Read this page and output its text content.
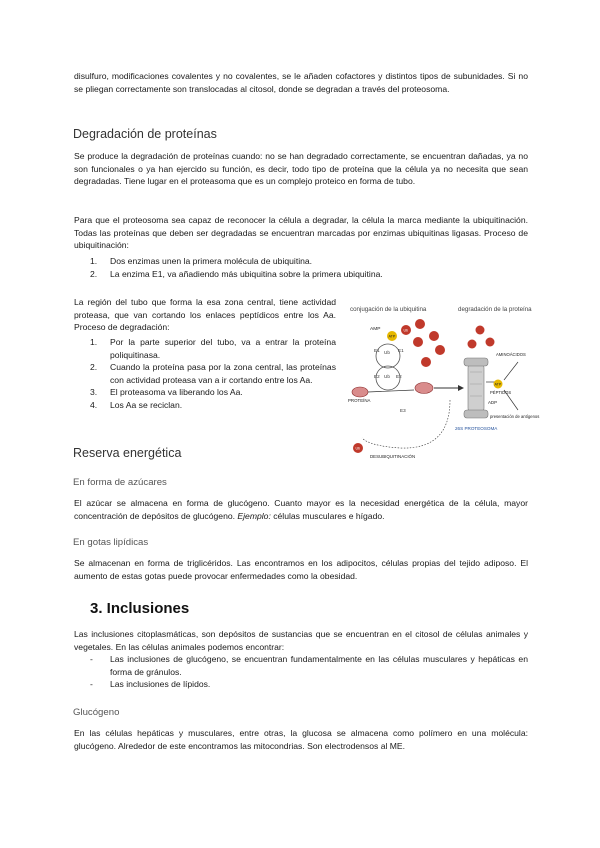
disulfuro, modificaciones covalentes y no covalentes, se le añaden cofactores y distintos tipos de subunidades. Si no se pliegan correctamente son translocadas al citosol, donde se degradan a través del proteosoma.

Degradación de proteínas

Se produce la degradación de proteínas cuando: no se han degradado correctamente, se encuentran dañadas, ya no son funcionales o ya han ejercido su función, es decir, todo tipo de proteína que la célula ya no necesita que sean degradadas. Tiene lugar en el proteasoma que es un complejo proteico en forma de tubo.

Para que el proteosoma sea capaz de reconocer la célula a degradar, la célula la marca mediante la ubiquitinación. Todas las proteínas que deben ser degradadas se encuentran marcadas por enzimas ubiquitinas ligasas. Proceso de ubiquitinación:

1. Dos enzimas unen la primera molécula de ubiquitina.
2. La enzima E1, va añadiendo más ubiquitina sobre la primera ubiquitina.

La región del tubo que forma la esa zona central, tiene actividad proteasa, que van cortando los enlaces peptídicos entre los Aa. Proceso de degradación:

1. Por la parte superior del tubo, va a entrar la proteína poliquitinasa.
2. Cuando la proteína pasa por la zona central, las proteínas con actividad proteasa van a ir cortando entre los Aa.
3. El proteasoma va liberando los Aa.
4. Los Aa se reciclan.
conjugación de la ubiquitina	degradación de la proteína
AMP
ATP
Ub
E1 Ub E1
E2 Ub E2
E3
PROTEÍNA
26S PROTEOSOMA
ATP
ADP
AMINOÁCIDOS
PÉPTIDOS
presentación de antígenos
Ub
DESUBIQUITINACIÓN
Reserva energética
En forma de azúcares

El azúcar se almacena en forma de glucógeno. Cuanto mayor es la necesidad energética de la célula, mayor concentración de depósitos de glucógeno. Ejemplo: células musculares e hígado.

En gotas lipídicas

Se almacenan en forma de triglicéridos. Las encontramos en los adipocitos, células propias del tejido adiposo. El aumento de estas gotas puede provocar enfermedades como la obesidad.

3. Inclusiones

Las inclusiones citoplasmáticas, son depósitos de sustancias que se encuentran en el citosol de células animales y vegetales. En las células animales podemos encontrar:

- Las inclusiones de glucógeno, se encuentran fundamentalmente en las células musculares y hepáticas en forma de gránulos.
- Las inclusiones de lípidos.
Glucógeno

En las células hepáticas y musculares, entre otras, la glucosa se almacena como polímero en una molécula: glucógeno. Alrededor de este encontramos las mitocondrias. Son electrodensos al ME.
